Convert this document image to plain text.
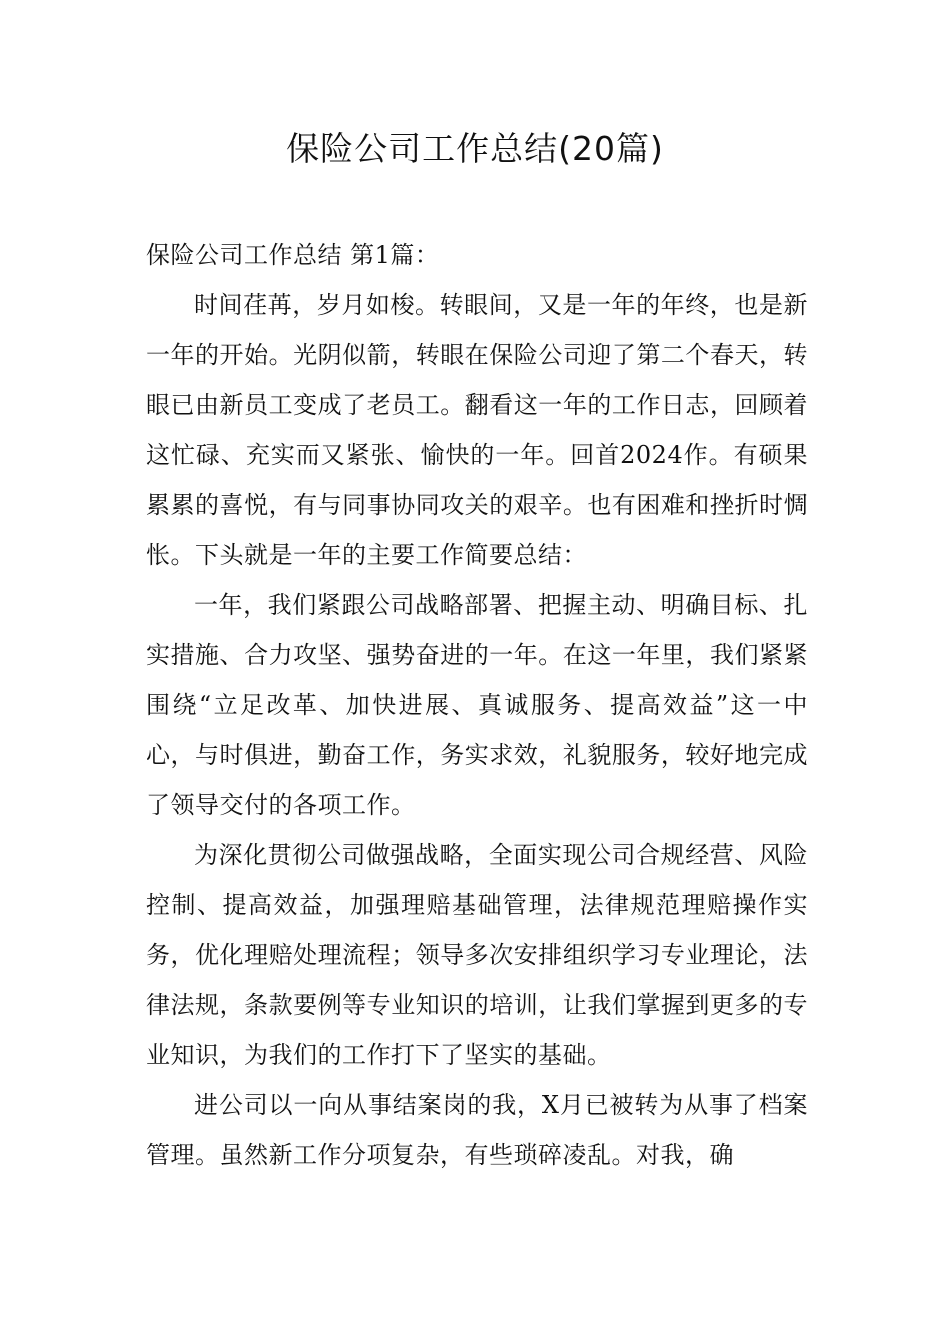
保险公司工作总结(20篇)

保险公司工作总结 第1篇：

时间荏苒，岁月如梭。转眼间，又是一年的年终，也是新一年的开始。光阴似箭，转眼在保险公司迎了第二个春天，转眼已由新员工变成了老员工。翻看这一年的工作日志，回顾着这忙碌、充实而又紧张、愉快的一年。回首2024作。有硕果累累的喜悦，有与同事协同攻关的艰辛。也有困难和挫折时惆怅。下头就是一年的主要工作简要总结：

一年，我们紧跟公司战略部署、把握主动、明确目标、扎实措施、合力攻坚、强势奋进的一年。在这一年里，我们紧紧围绕“立足改革、加快进展、真诚服务、提高效益”这一中心，与时俱进，勤奋工作，务实求效，礼貌服务，较好地完成了领导交付的各项工作。

为深化贯彻公司做强战略，全面实现公司合规经营、风险控制、提高效益，加强理赔基础管理，法律规范理赔操作实务，优化理赔处理流程；领导多次安排组织学习专业理论，法律法规，条款要例等专业知识的培训，让我们掌握到更多的专业知识，为我们的工作打下了坚实的基础。

进公司以一向从事结案岗的我，X月已被转为从事了档案管理。虽然新工作分项复杂，有些琐碎凌乱。对我，确
